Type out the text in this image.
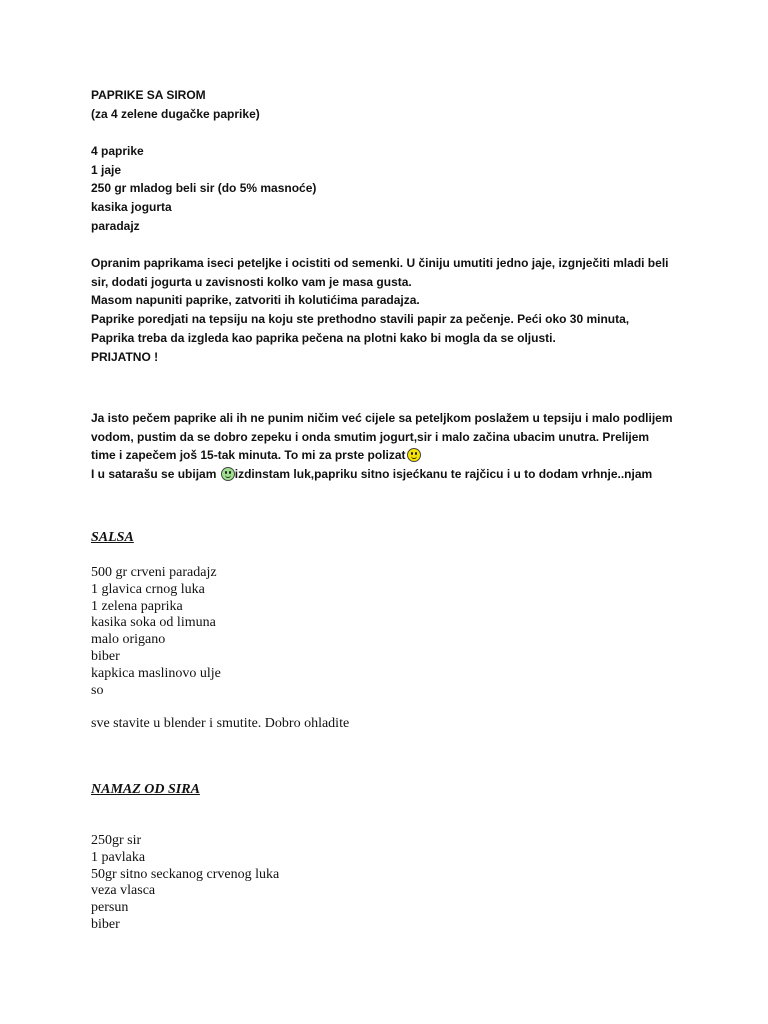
PAPRIKE SA SIROM
(za 4 zelene dugačke paprike)
4 paprike
1 jaje
250 gr mladog beli sir (do 5% masnoće)
kasika jogurta
paradajz
Opranim paprikama iseci peteljke i ocistiti od semenki. U činiju umutiti jedno jaje, izgnječiti mladi beli
sir, dodati jogurta u zavisnosti kolko vam je masa gusta.
Masom napuniti paprike, zatvoriti ih kolutićima paradajza.
Paprike poredjati na tepsiju na koju ste prethodno stavili papir za pečenje. Peći oko 30 minuta,
Paprika treba da izgleda kao paprika pečena na plotni kako bi mogla da se oljusti.
PRIJATNO !
Ja isto pečem paprike ali ih ne punim ničim već cijele sa peteljkom poslažem u tepsiju i malo podlijem
vodom, pustim da se dobro zepeku i onda smutim jogurt,sir i malo začina ubacim unutra. Prelijem
time i zapečem još 15-tak minuta. To mi za prste polizat
I u satarašu se ubijam izdinstam luk,papriku sitno isjećkanu te rajčicu i u to dodam vrhnje..njam
SALSA
500 gr crveni paradajz
1 glavica crnog luka
1 zelena paprika
kasika soka od limuna
malo origano
biber
kapkica maslinovo ulje
so
sve stavite u blender i smutite. Dobro ohladite
NAMAZ OD SIRA
250gr sir
1 pavlaka
50gr sitno seckanog crvenog luka
veza vlasca
persun
biber
